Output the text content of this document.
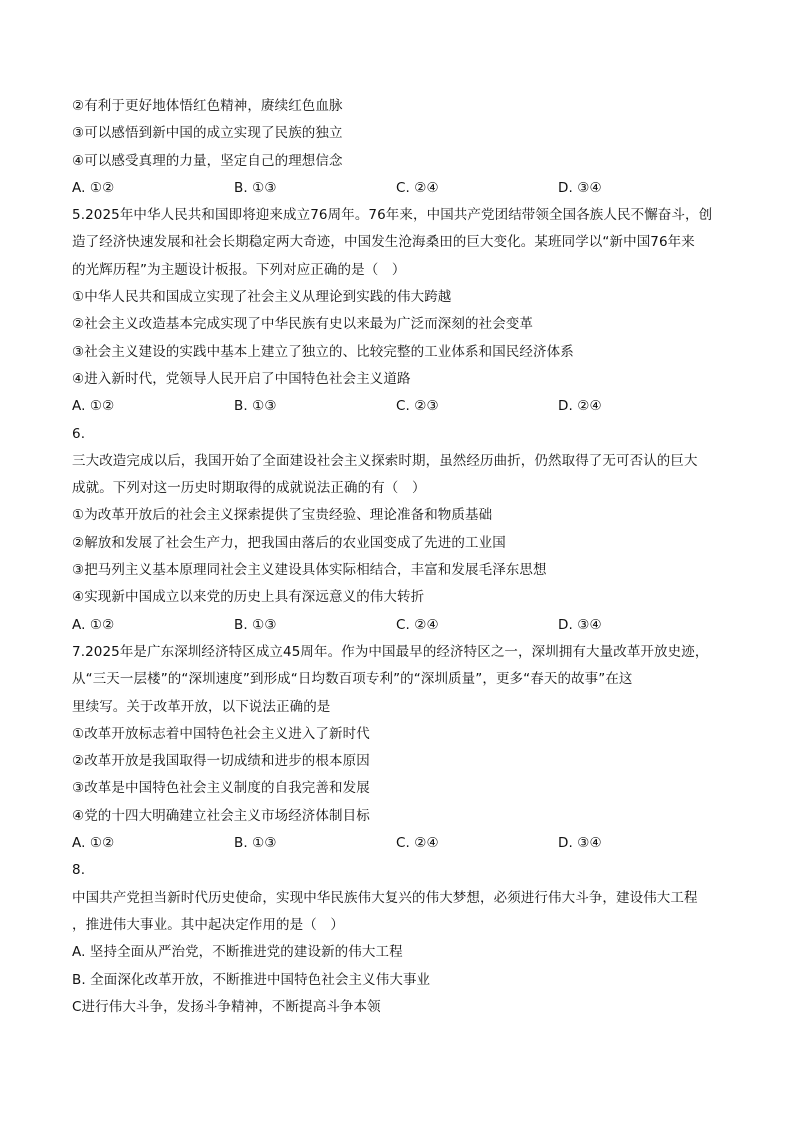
②有利于更好地体悟红色精神，赓续红色血脉
③可以感悟到新中国的成立实现了民族的独立
④可以感受真理的力量，坚定自己的理想信念
A. ①②	B. ①③	C. ②④	D. ③④
5.2025年中华人民共和国即将迎来成立76周年。76年来，中国共产党团结带领全国各族人民不懈奋斗，创
造了经济快速发展和社会长期稳定两大奇迹，中国发生沧海桑田的巨大变化。某班同学以“新中国76年来
的光辉历程”为主题设计板报。下列对应正确的是（　）
①中华人民共和国成立实现了社会主义从理论到实践的伟大跨越
②社会主义改造基本完成实现了中华民族有史以来最为广泛而深刻的社会变革
③社会主义建设的实践中基本上建立了独立的、比较完整的工业体系和国民经济体系
④进入新时代，党领导人民开启了中国特色社会主义道路
A. ①②	B. ①③	C. ②③	D. ②④
6.
三大改造完成以后，我国开始了全面建设社会主义探索时期，虽然经历曲折，仍然取得了无可否认的巨大
成就。下列对这一历史时期取得的成就说法正确的有（　）
①为改革开放后的社会主义探索提供了宝贵经验、理论准备和物质基础
②解放和发展了社会生产力，把我国由落后的农业国变成了先进的工业国
③把马列主义基本原理同社会主义建设具体实际相结合，丰富和发展毛泽东思想
④实现新中国成立以来党的历史上具有深远意义的伟大转折
A. ①②	B. ①③	C. ②④	D. ③④
7.2025年是广东深圳经济特区成立45周年。作为中国最早的经济特区之一，深圳拥有大量改革开放史迹，
从“三天一层楼”的“深圳速度”到形成“日均数百项专利”的“深圳质量”，更多“春天的故事”在这
里续写。关于改革开放，以下说法正确的是
①改革开放标志着中国特色社会主义进入了新时代
②改革开放是我国取得一切成绩和进步的根本原因
③改革是中国特色社会主义制度的自我完善和发展
④党的十四大明确建立社会主义市场经济体制目标
A. ①②	B. ①③	C. ②④	D. ③④
8.
中国共产党担当新时代历史使命，实现中华民族伟大复兴的伟大梦想，必须进行伟大斗争，建设伟大工程
，推进伟大事业。其中起决定作用的是（　）
A. 坚持全面从严治党，不断推进党的建设新的伟大工程
B. 全面深化改革开放，不断推进中国特色社会主义伟大事业
C进行伟大斗争，发扬斗争精神，不断提高斗争本领
